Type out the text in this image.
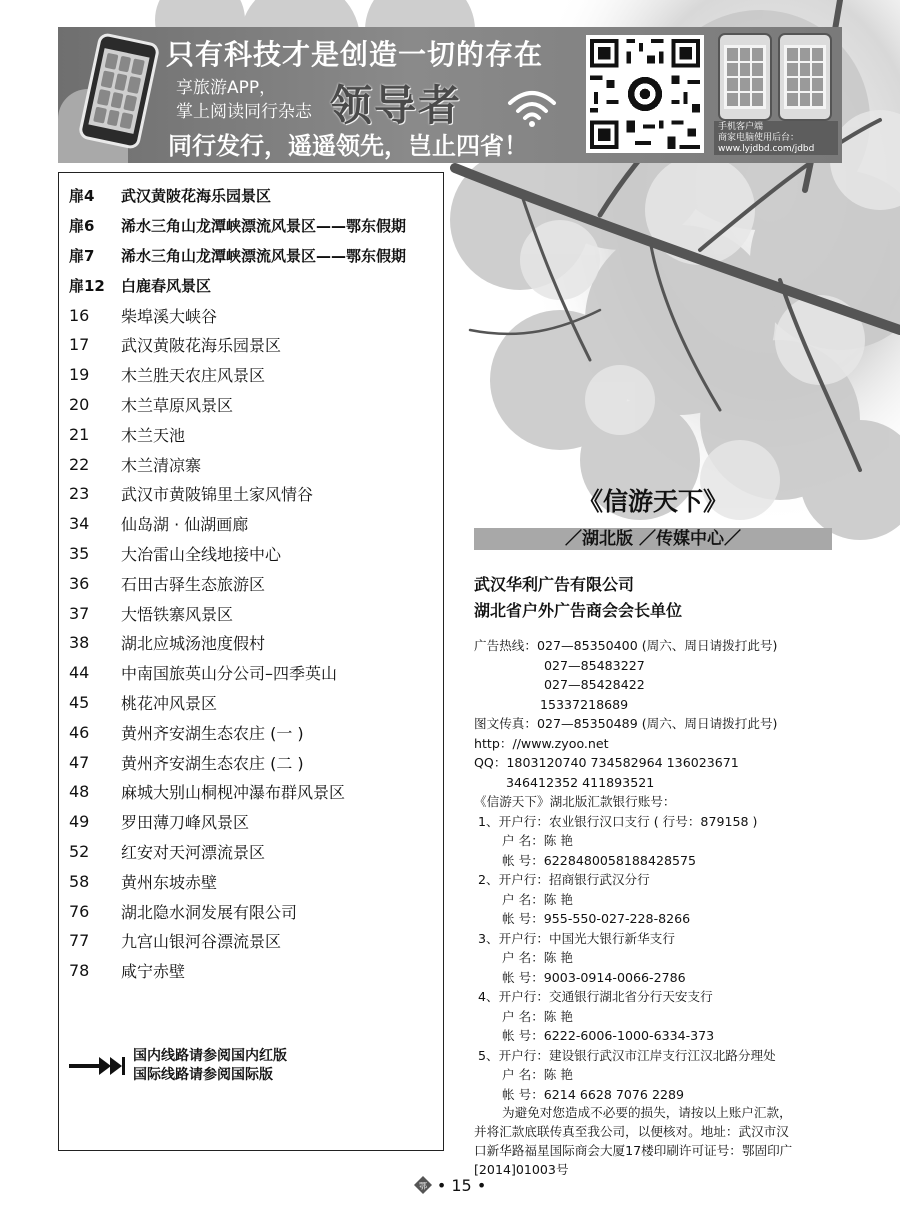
只有科技才是创造一切的存在
享旅游APP，
掌上阅读同行杂志 领导者
同行发行，遥遥领先，岂止四省！
手机客户端
商家电脑使用后台：
www.lyjdbd.com/jdbd
扉4	武汉黄陂花海乐园景区
扉6	浠水三角山龙潭峡漂流风景区——鄂东假期
扉7	浠水三角山龙潭峡漂流风景区——鄂东假期
扉12	白鹿春风景区
16	柴埠溪大峡谷
17	武汉黄陂花海乐园景区
19	木兰胜天农庄风景区
20	木兰草原风景区
21	木兰天池
22	木兰清凉寨
23	武汉市黄陂锦里土家风情谷
34	仙岛湖 · 仙湖画廊
35	大冶雷山全线地接中心
36	石田古驿生态旅游区
37	大悟铁寨风景区
38	湖北应城汤池度假村
44	中南国旅英山分公司–四季英山
45	桃花冲风景区
46	黄州齐安湖生态农庄 (一 )
47	黄州齐安湖生态农庄 (二 )
48	麻城大别山桐枧冲瀑布群风景区
49	罗田薄刀峰风景区
52	红安对天河漂流景区
58	黄州东坡赤壁
76	湖北隐水洞发展有限公司
77	九宫山银河谷漂流景区
78	咸宁赤壁
国内线路请参阅国内红版
国际线路请参阅国际版
《信游天下》
／湖北版 ／传媒中心／
武汉华利广告有限公司
湖北省户外广告商会会长单位
广告热线：027—85350400 (周六、周日请拨打此号)
027—85483227
027—85428422
15337218689
图文传真：027—85350489 (周六、周日请拨打此号)
http：//www.zyoo.net
QQ：1803120740 734582964 136023671
346412352 411893521
《信游天下》湖北版汇款银行账号：
1、开户行：农业银行汉口支行 ( 行号：879158 )
户 名：陈 艳
帐 号：6228480058188428575
2、开户行：招商银行武汉分行
户 名：陈 艳
帐 号：955-550-027-228-8266
3、开户行：中国光大银行新华支行
户 名：陈 艳
帐 号：9003-0914-0066-2786
4、开户行：交通银行湖北省分行天安支行
户 名：陈 艳
帐 号：6222-6006-1000-6334-373
5、开户行：建设银行武汉市江岸支行江汉北路分理处
户 名：陈 艳
帐 号：6214 6628 7076 2289
为避免对您造成不必要的损失，请按以上账户汇款，
并将汇款底联传真至我公司，以便核对。地址：武汉市汉
口新华路福星国际商会大厦17楼印刷许可证号：鄂固印广
[2014]01003号
鄂 • 15 •
